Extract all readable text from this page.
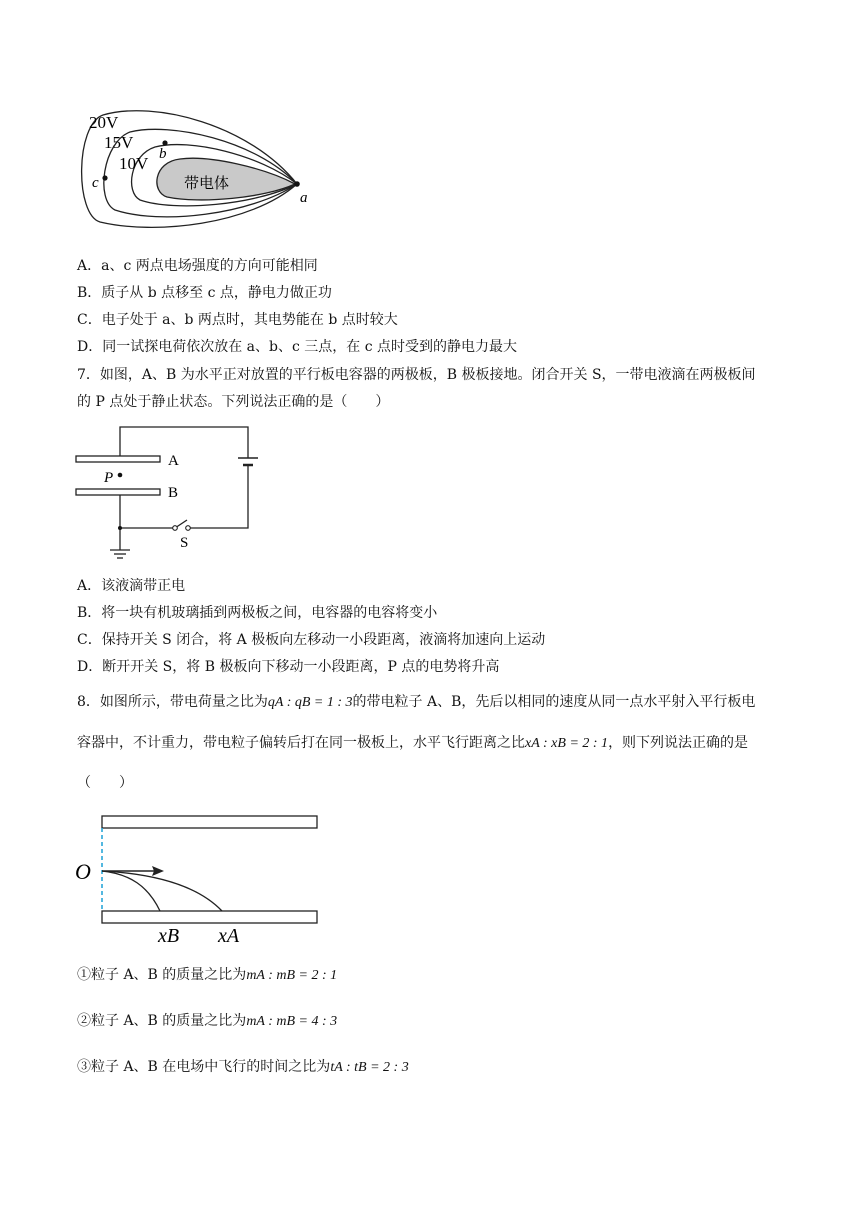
20V
15V
10V
带电体
a
b
c
A．a、c 两点电场强度的方向可能相同
B．质子从 b 点移至 c 点，静电力做正功
C．电子处于 a、b 两点时，其电势能在 b 点时较大
D．同一试探电荷依次放在 a、b、c 三点，在 c 点时受到的静电力最大
7．如图，A、B 为水平正对放置的平行板电容器的两极板，B 极板接地。闭合开关 S，一带电液滴在两极板间
的 P 点处于静止状态。下列说法正确的是（　　）
A
B
P
S
A．该液滴带正电
B．将一块有机玻璃插到两极板之间，电容器的电容将变小
C．保持开关 S 闭合，将 A 极板向左移动一小段距离，液滴将加速向上运动
D．断开开关 S，将 B 极板向下移动一小段距离，P 点的电势将升高
8．如图所示，带电荷量之比为qA : qB = 1 : 3的带电粒子 A、B，先后以相同的速度从同一点水平射入平行板电
容器中，不计重力，带电粒子偏转后打在同一极板上，水平飞行距离之比xA : xB = 2 : 1，则下列说法正确的是
（　　）
O
xB xA
①粒子 A、B 的质量之比为mA : mB = 2 : 1
②粒子 A、B 的质量之比为mA : mB = 4 : 3
③粒子 A、B 在电场中飞行的时间之比为tA : tB = 2 : 3
